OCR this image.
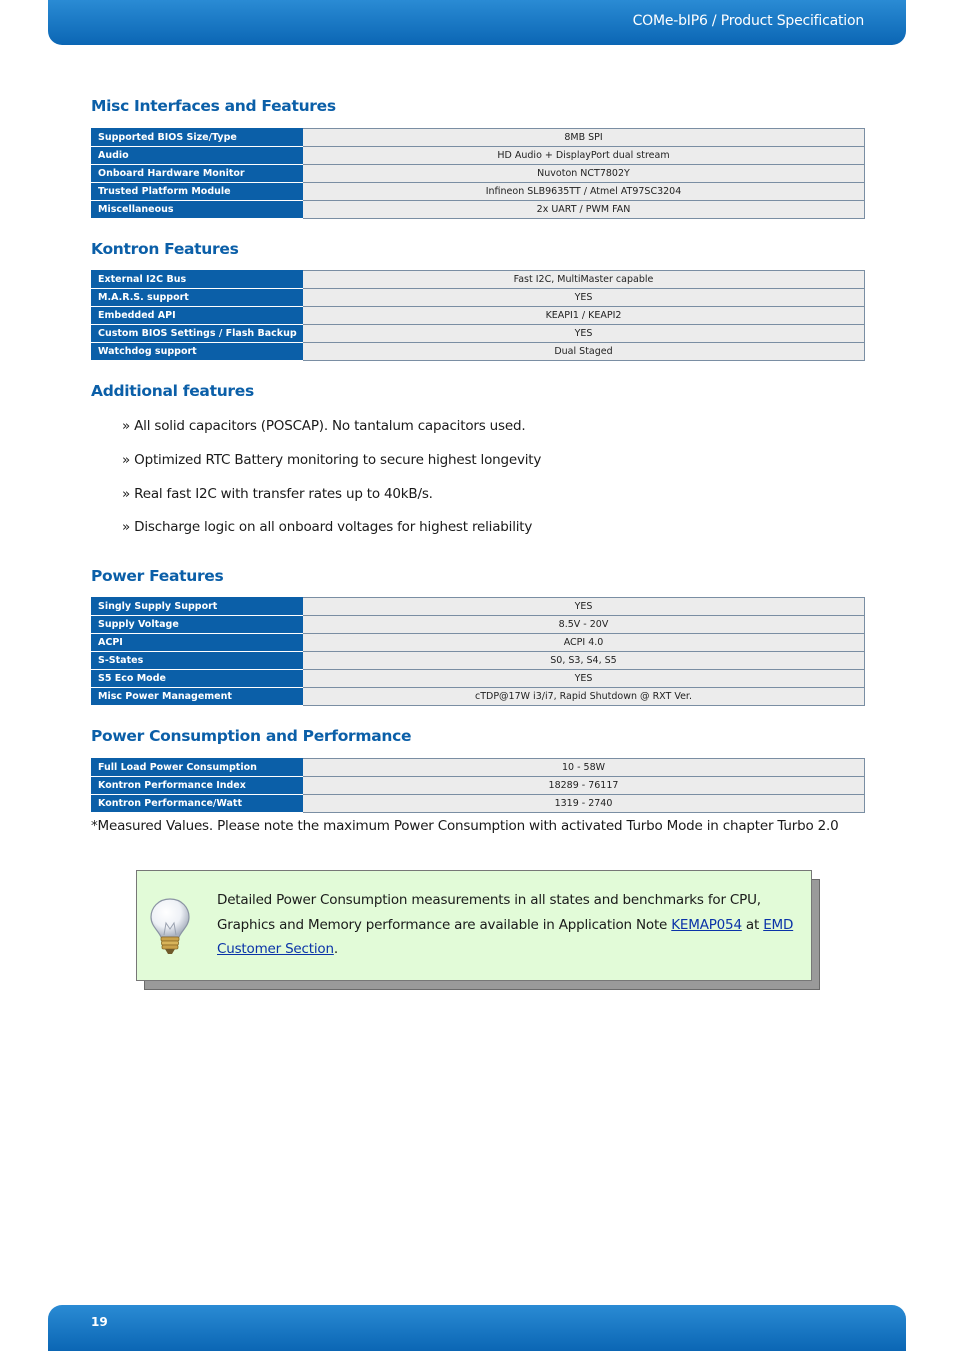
COMe-bIP6 / Product Specification
Misc Interfaces and Features
Supported BIOS Size/Type	8MB SPI
Audio	HD Audio + DisplayPort dual stream
Onboard Hardware Monitor	Nuvoton NCT7802Y
Trusted Platform Module	Infineon SLB9635TT / Atmel AT97SC3204
Miscellaneous	2x UART / PWM FAN
Kontron Features
External I2C Bus	Fast I2C, MultiMaster capable
M.A.R.S. support	YES
Embedded API	KEAPI1 / KEAPI2
Custom BIOS Settings / Flash Backup	YES
Watchdog support	Dual Staged
Additional features
» All solid capacitors (POSCAP). No tantalum capacitors used.
» Optimized RTC Battery monitoring to secure highest longevity
» Real fast I2C with transfer rates up to 40kB/s.
» Discharge logic on all onboard voltages for highest reliability
Power Features
Singly Supply Support	YES
Supply Voltage	8.5V - 20V
ACPI	ACPI 4.0
S-States	S0, S3, S4, S5
S5 Eco Mode	YES
Misc Power Management	cTDP@17W i3/i7, Rapid Shutdown @ RXT Ver.
Power Consumption and Performance
Full Load Power Consumption	10 - 58W
Kontron Performance Index	18289 - 76117
Kontron Performance/Watt	1319 - 2740
*Measured Values. Please note the maximum Power Consumption with activated Turbo Mode in chapter Turbo 2.0
Detailed Power Consumption measurements in all states and benchmarks for CPU, Graphics and Memory performance are available in Application Note KEMAP054 at EMD Customer Section.
19
